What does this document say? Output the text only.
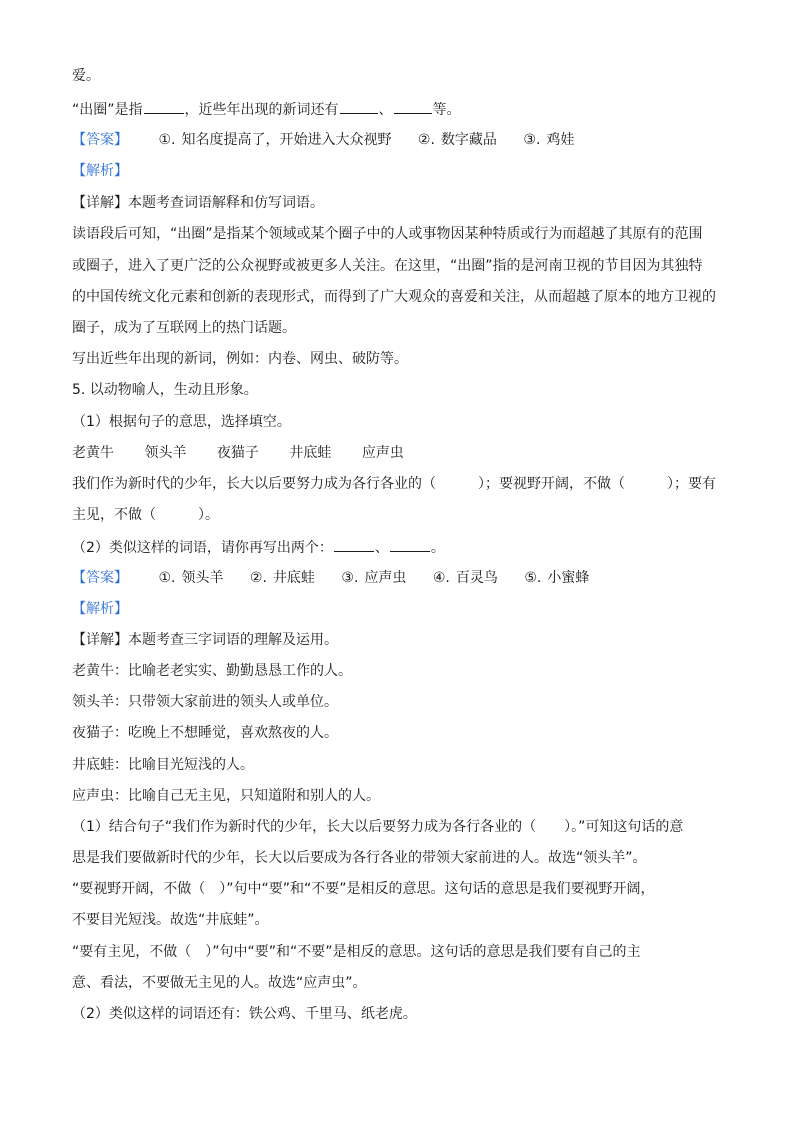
爱。
“出圈”是指	，近些年出现的新词还有	、	等。
【答案】 ①. 知名度提高了，开始进入大众视野 ②. 数字藏品 ③. 鸡娃
【解析】
【详解】本题考查词语解释和仿写词语。
读语段后可知，“出圈”是指某个领域或某个圈子中的人或事物因某种特质或行为而超越了其原有的范围
或圈子，进入了更广泛的公众视野或被更多人关注。在这里，“出圈”指的是河南卫视的节目因为其独特
的中国传统文化元素和创新的表现形式，而得到了广大观众的喜爱和关注，从而超越了原本的地方卫视的
圈子，成为了互联网上的热门话题。
写出近些年出现的新词，例如：内卷、网虫、破防等。
5. 以动物喻人，生动且形象。
（1）根据句子的意思，选择填空。
老黄牛 领头羊 夜猫子 井底蛙 应声虫
我们作为新时代的少年，长大以后要努力成为各行各业的（　　　）；要视野开阔，不做（　　　）；要有
主见，不做（　　　）。
（2）类似这样的词语，请你再写出两个：	、	。
【答案】 ①. 领头羊 ②. 井底蛙 ③. 应声虫 ④. 百灵鸟 ⑤. 小蜜蜂
【解析】
【详解】本题考查三字词语的理解及运用。
老黄牛：比喻老老实实、勤勤恳恳工作的人。
领头羊：只带领大家前进的领头人或单位。
夜猫子：吃晚上不想睡觉，喜欢熬夜的人。
井底蛙：比喻目光短浅的人。
应声虫：比喻自己无主见，只知道附和别人的人。
（1）结合句子“我们作为新时代的少年，长大以后要努力成为各行各业的（　　）。”可知这句话的意
思是我们要做新时代的少年，长大以后要成为各行各业的带领大家前进的人。故选“领头羊”。
“要视野开阔，不做（　）”句中“要”和“不要”是相反的意思。这句话的意思是我们要视野开阔，
不要目光短浅。故选“井底蛙”。
“要有主见，不做（　）”句中“要”和“不要”是相反的意思。这句话的意思是我们要有自己的主
意、看法，不要做无主见的人。故选“应声虫”。
（2）类似这样的词语还有：铁公鸡、千里马、纸老虎。
